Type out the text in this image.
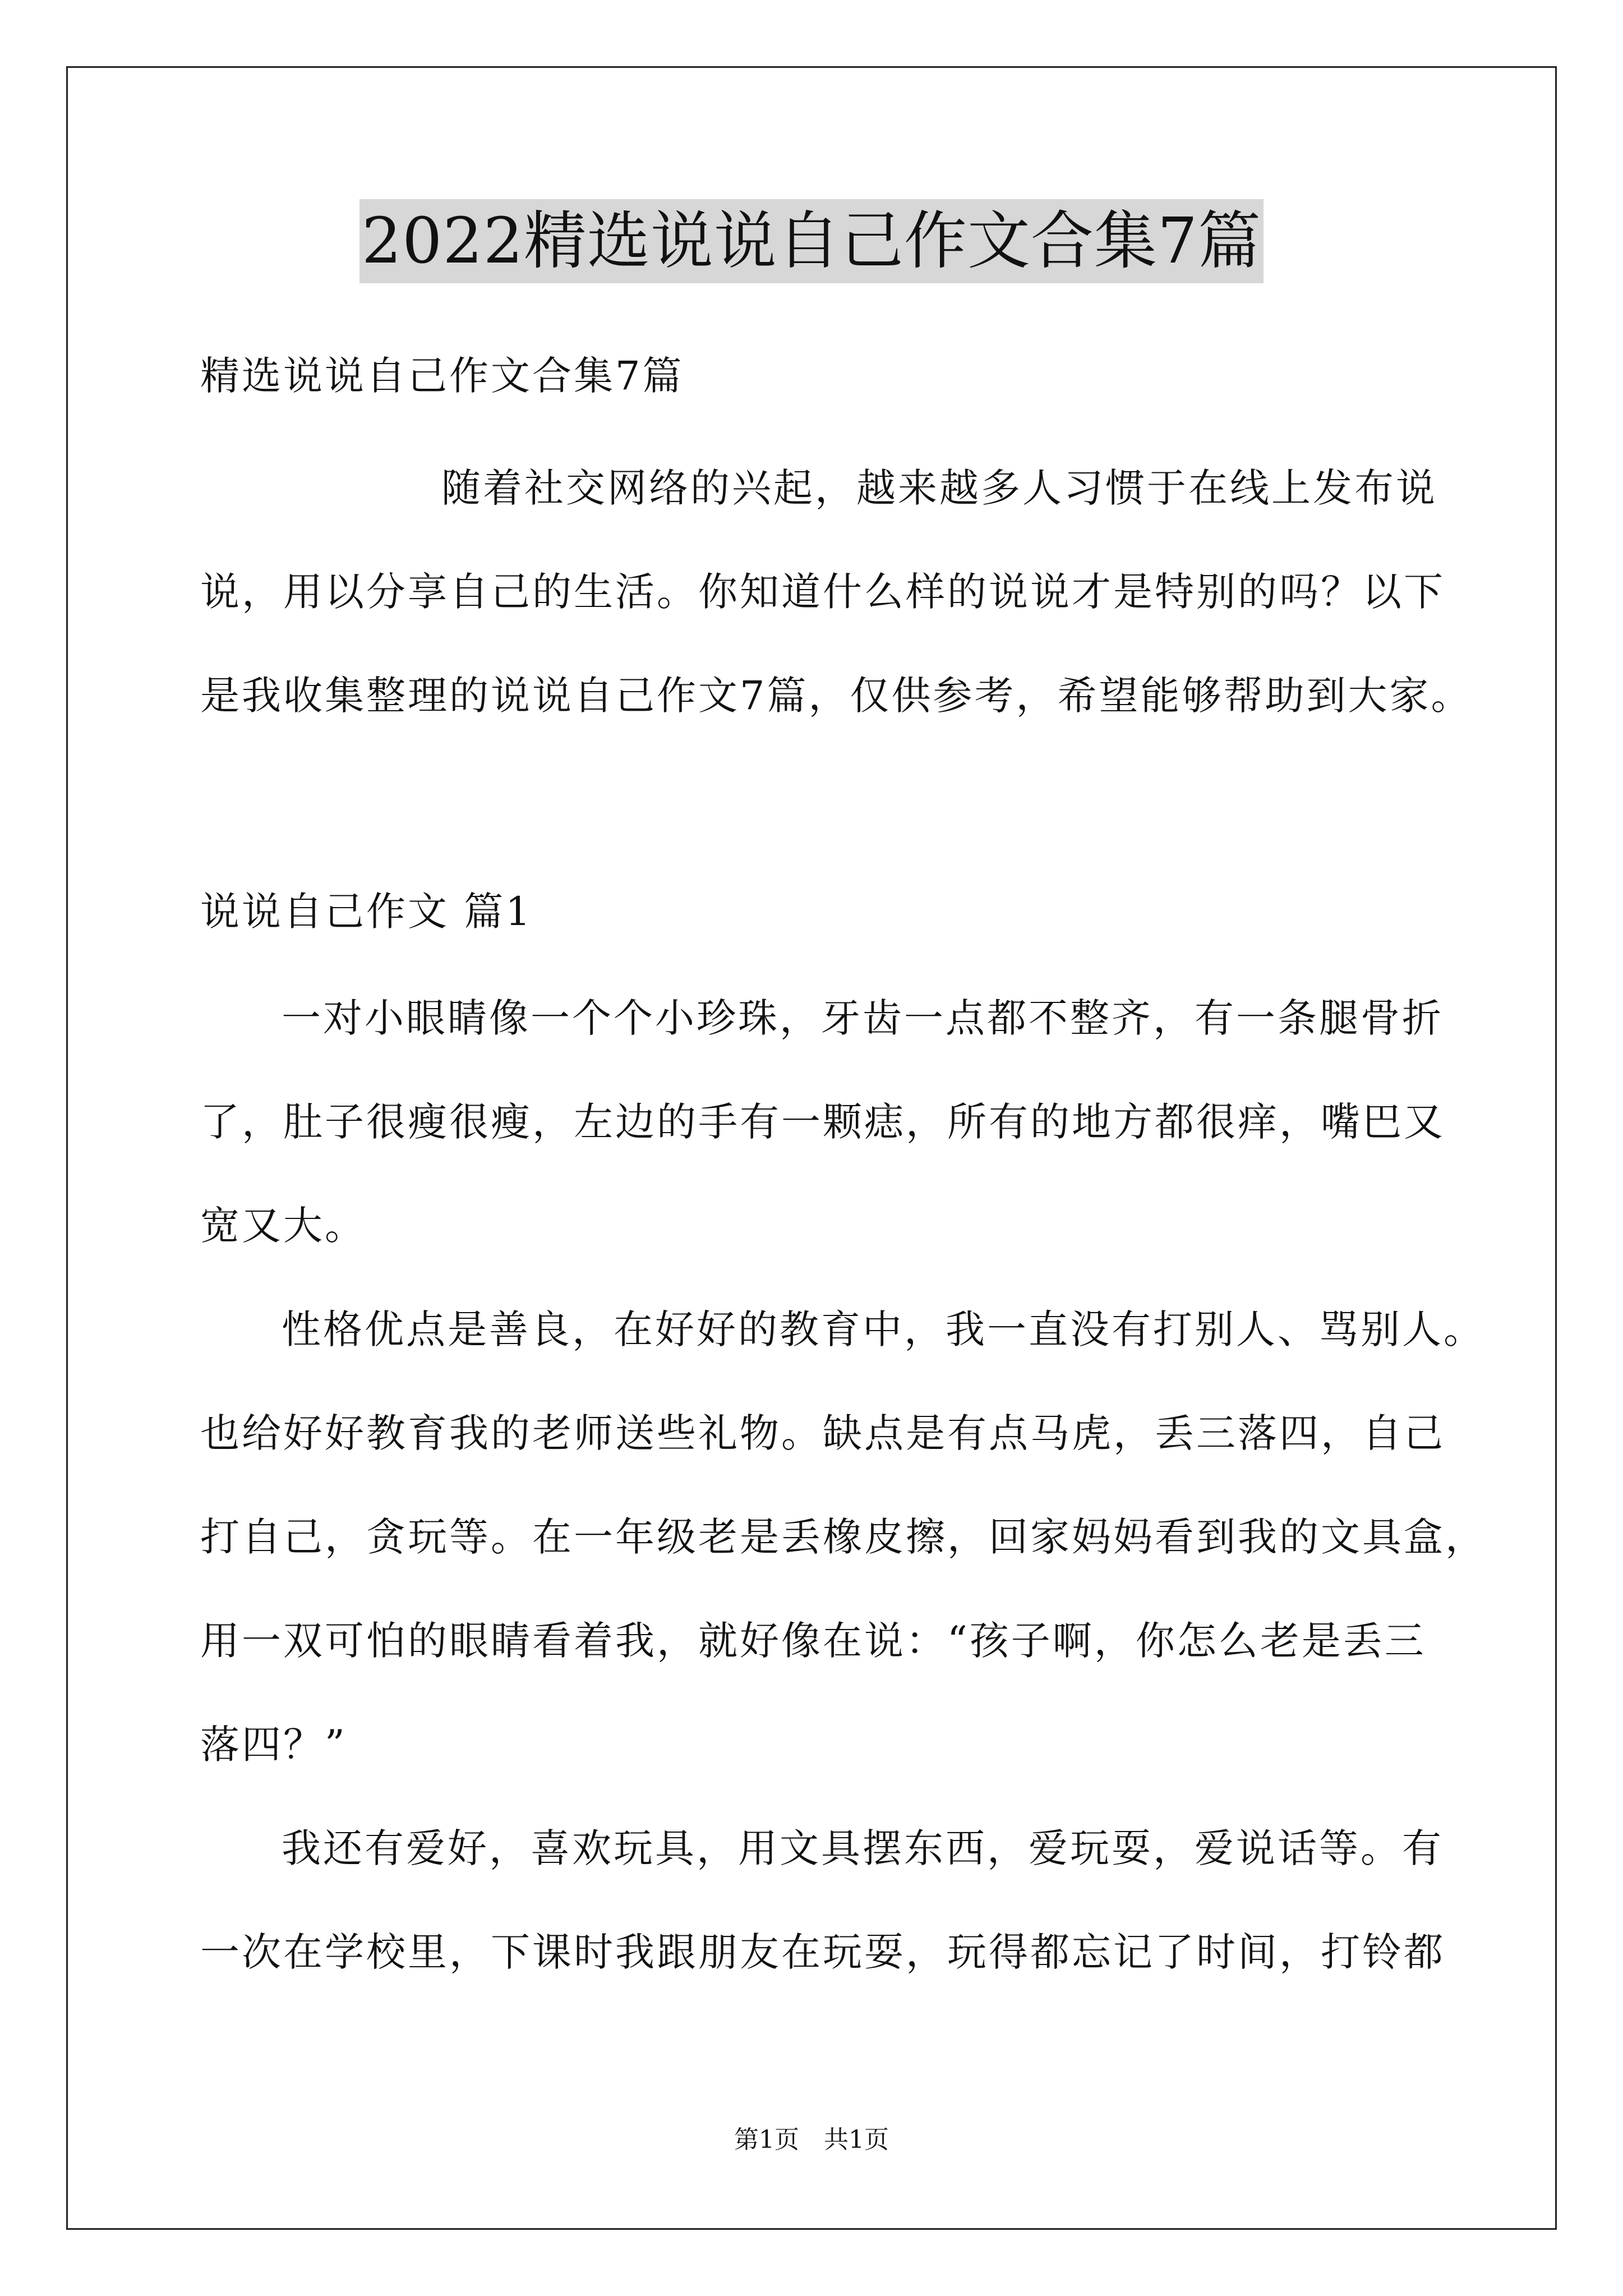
2022精选说说自己作文合集7篇
精选说说自己作文合集7篇
随着社交网络的兴起，越来越多人习惯于在线上发布说
说，用以分享自己的生活。你知道什么样的说说才是特别的吗？以下
是我收集整理的说说自己作文7篇，仅供参考，希望能够帮助到大家。
说说自己作文 篇1
一对小眼睛像一个个小珍珠，牙齿一点都不整齐，有一条腿骨折
了，肚子很瘦很瘦，左边的手有一颗痣，所有的地方都很痒，嘴巴又
宽又大。
性格优点是善良，在好好的教育中，我一直没有打别人、骂别人。
也给好好教育我的老师送些礼物。缺点是有点马虎，丢三落四，自己
打自己，贪玩等。在一年级老是丢橡皮擦，回家妈妈看到我的文具盒，
用一双可怕的眼睛看着我，就好像在说：“孩子啊，你怎么老是丢三
落四？”
我还有爱好，喜欢玩具，用文具摆东西，爱玩耍，爱说话等。有
一次在学校里，下课时我跟朋友在玩耍，玩得都忘记了时间，打铃都
第1页 共1页
